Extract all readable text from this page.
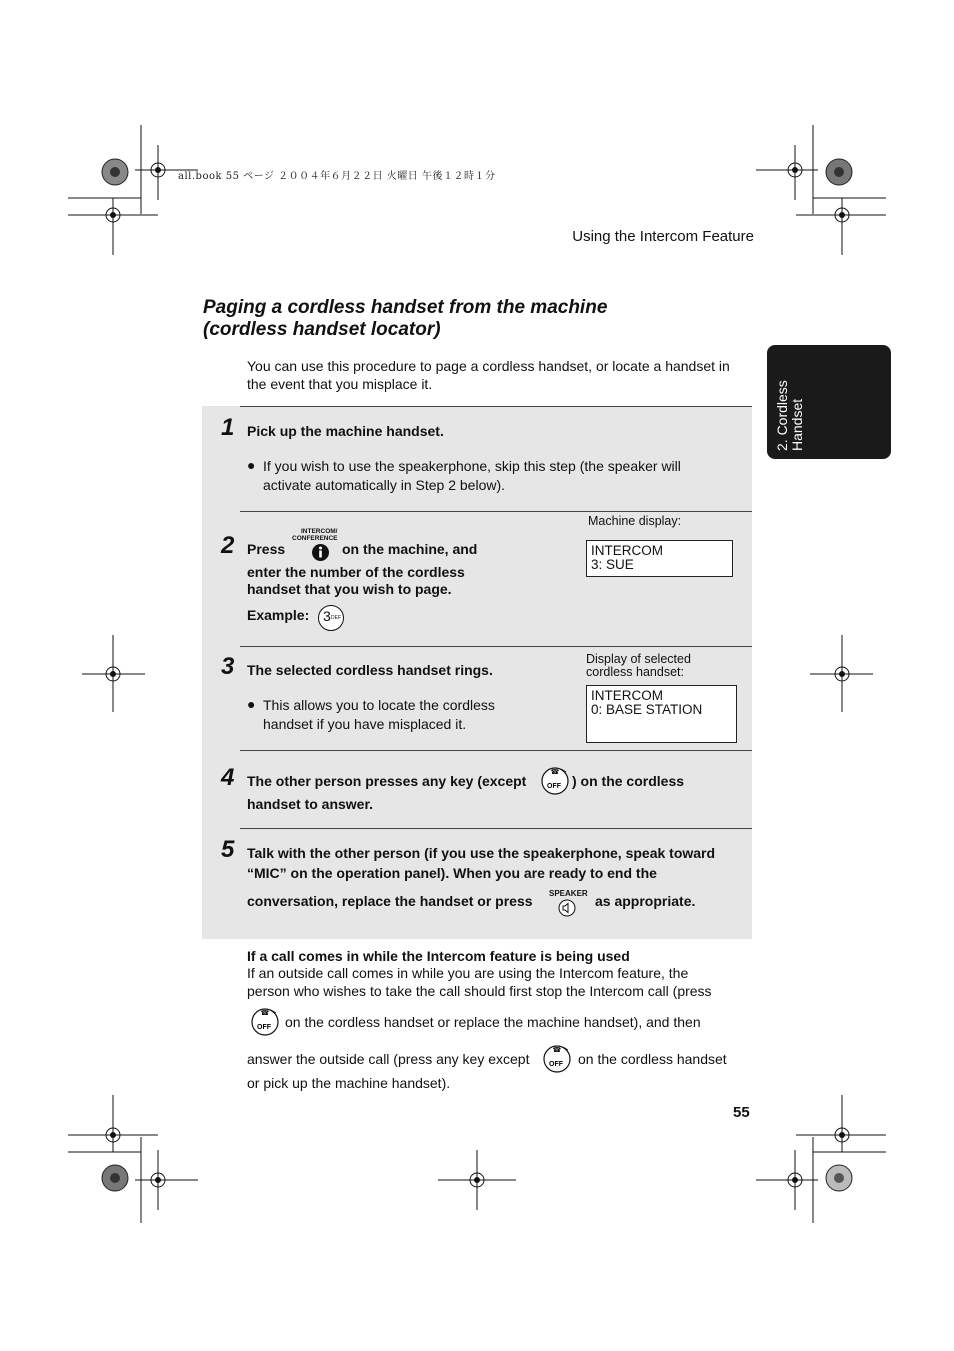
all.book 55 ページ ２００４年６月２２日 火曜日 午後１２時１分
Using the Intercom Feature
2. Cordless
Handset
Paging a cordless handset from the machine
(cordless handset locator)
You can use this procedure to page a cordless handset, or locate a handset in the event that you misplace it.
1 Pick up the machine handset.
● If you wish to use the speakerphone, skip this step (the speaker will
activate automatically in Step 2 below).
2 Press
INTERCOM/
CONFERENCE
on the machine, and
enter the number of the cordless
handset that you wish to page.
Example: 3 DEF
Machine display:
INTERCOM
3: SUE
3 The selected cordless handset rings.
● This allows you to locate the cordless
handset if you have misplaced it.
Display of selected
cordless handset:
INTERCOM
0: BASE STATION
4 The other person presses any key (except
☎
OFF ) on the cordless
handset to answer.
5 Talk with the other person (if you use the speakerphone, speak toward
“MIC” on the operation panel). When you are ready to end the
conversation, replace the handset or press SPEAKER as appropriate.
If a call comes in while the Intercom feature is being used
If an outside call comes in while you are using the Intercom feature, the
person who wishes to take the call should first stop the Intercom call (press
☎
OFF on the cordless handset or replace the machine handset), and then
answer the outside call (press any key except
☎
OFF on the cordless handset
or pick up the machine handset).
55
